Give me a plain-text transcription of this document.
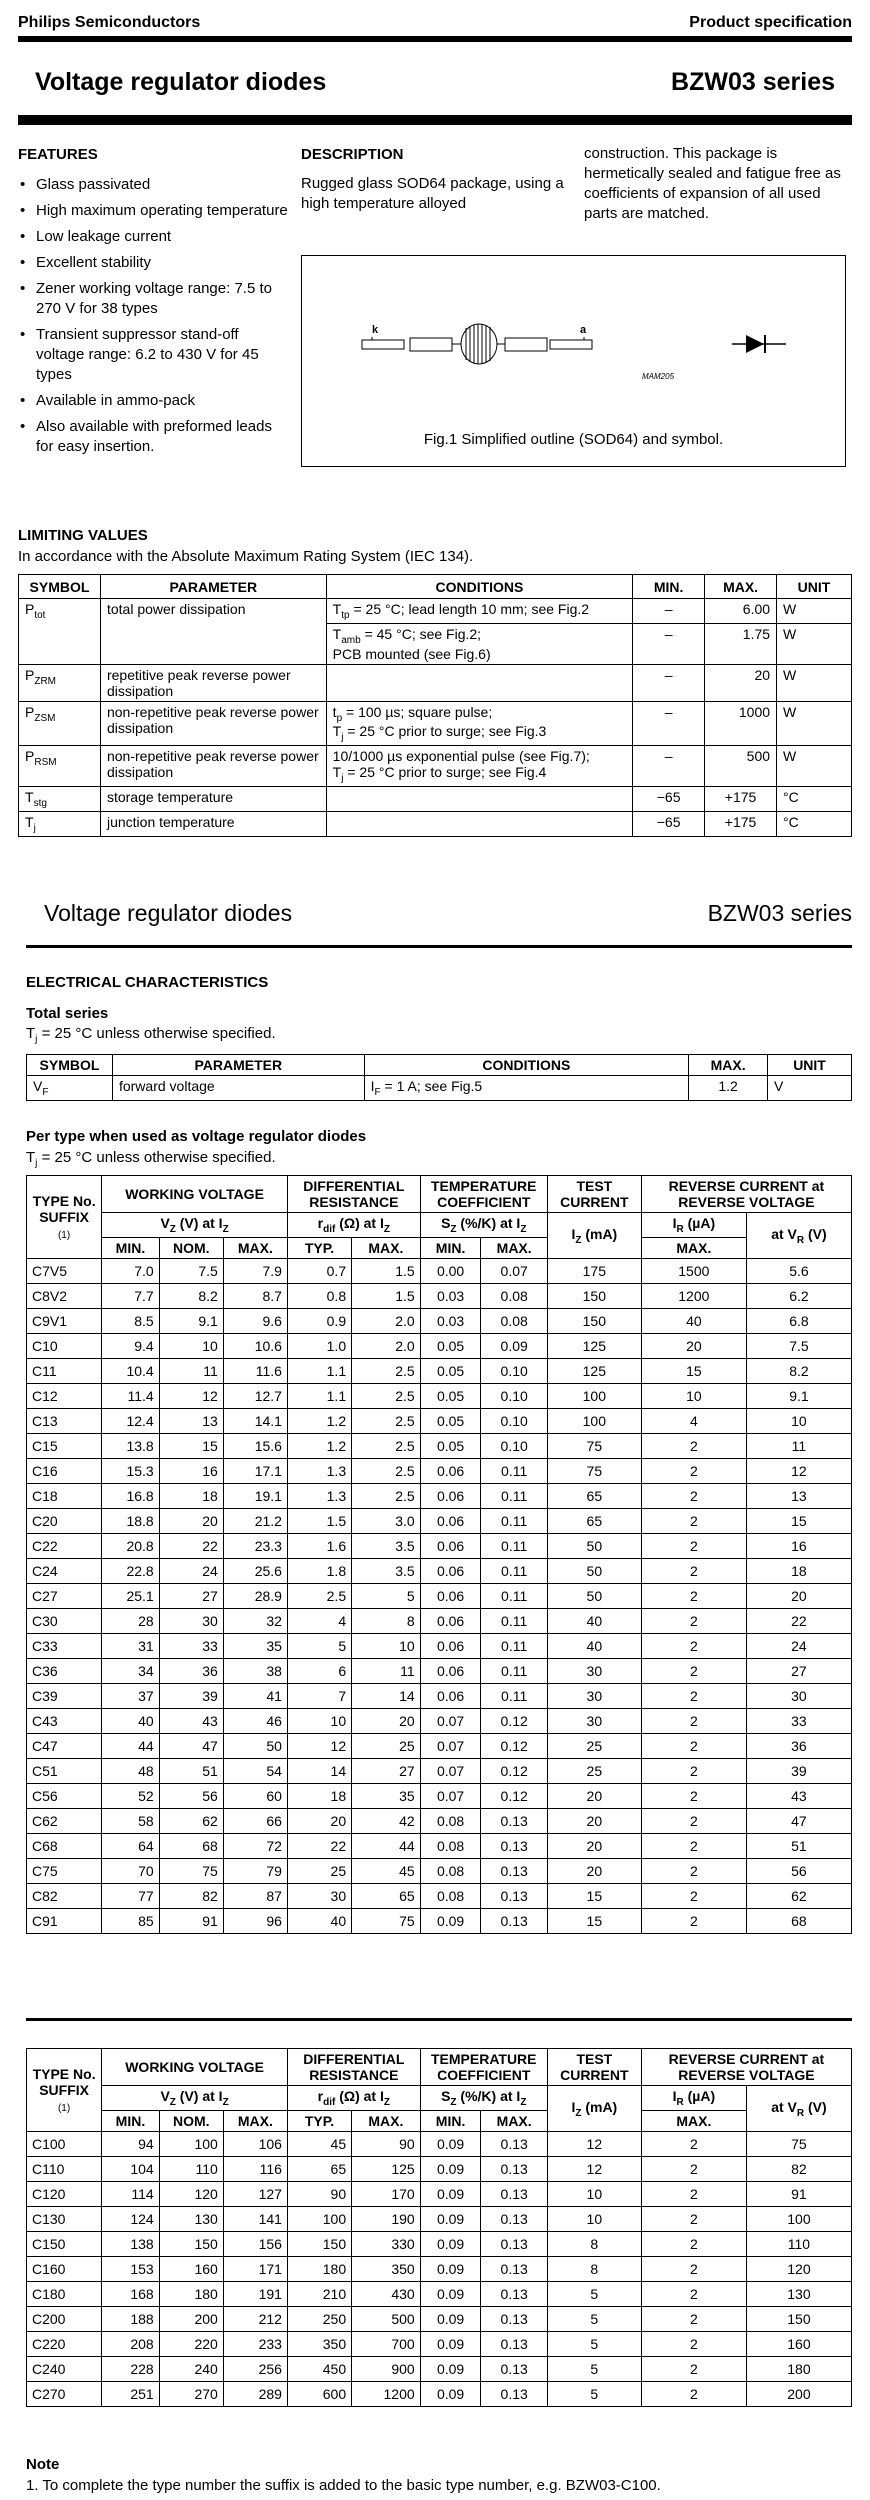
Philips Semiconductors	Product specification
Voltage regulator diodes	BZW03 series
FEATURES
• Glass passivated
• High maximum operating temperature
• Low leakage current
• Excellent stability
• Zener working voltage range: 7.5 to 270 V for 38 types
• Transient suppressor stand-off voltage range: 6.2 to 430 V for 45 types
• Available in ammo-pack
• Also available with preformed leads for easy insertion.
DESCRIPTION
Rugged glass SOD64 package, using a high temperature alloyed
construction. This package is hermetically sealed and fatigue free as coefficients of expansion of all used parts are matched.
k	a
MAM205
Fig.1 Simplified outline (SOD64) and symbol.
LIMITING VALUES
In accordance with the Absolute Maximum Rating System (IEC 134).
SYMBOL	PARAMETER	CONDITIONS	MIN.	MAX.	UNIT
$P_{tot}$	total power dissipation	$T_{tp} = 25$ °C; lead length 10 mm; see Fig.2	–	6.00	W
		$T_{amb} = 45$ °C; see Fig.2;
PCB mounted (see Fig.6)	–	1.75	W
$P_{ZRM}$	repetitive peak reverse power dissipation		–	20	W
$P_{ZSM}$	non-repetitive peak reverse power dissipation	$t_p = 100$ µs; square pulse;
$T_j = 25$ °C prior to surge; see Fig.3	–	1000	W
$P_{RSM}$	non-repetitive peak reverse power dissipation	10/1000 µs exponential pulse (see Fig.7);
$T_j = 25$ °C prior to surge; see Fig.4	–	500	W
$T_{stg}$	storage temperature		−65	+175	°C
$T_j$	junction temperature		−65	+175	°C
Voltage regulator diodes	BZW03 series
ELECTRICAL CHARACTERISTICS
Total series
$T_j = 25$ °C unless otherwise specified.
SYMBOL	PARAMETER	CONDITIONS	MAX.	UNIT
$V_F$	forward voltage	$I_F = 1$ A; see Fig.5	1.2	V
Per type when used as voltage regulator diodes
$T_j = 25$ °C unless otherwise specified.
TYPE No. SUFFIX
(1)	WORKING VOLTAGE			DIFFERENTIAL RESISTANCE		TEMPERATURE COEFFICIENT		TEST CURRENT	REVERSE CURRENT at REVERSE VOLTAGE	
	$V_Z$ (V) at $I_Z$			$r_{dif}$ (Ω) at $I_Z$		$S_Z$ (%/K) at $I_Z$		$I_Z$ (mA)	$I_R$ (µA)	at $V_R$ (V)
	MIN.	NOM.	MAX.	TYP.	MAX.	MIN.	MAX.		MAX.	
C7V5	7.0	7.5	7.9	0.7	1.5	0.00	0.07	175	1500	5.6
C8V2	7.7	8.2	8.7	0.8	1.5	0.03	0.08	150	1200	6.2
C9V1	8.5	9.1	9.6	0.9	2.0	0.03	0.08	150	40	6.8
C10	9.4	10	10.6	1.0	2.0	0.05	0.09	125	20	7.5
C11	10.4	11	11.6	1.1	2.5	0.05	0.10	125	15	8.2
C12	11.4	12	12.7	1.1	2.5	0.05	0.10	100	10	9.1
C13	12.4	13	14.1	1.2	2.5	0.05	0.10	100	4	10
C15	13.8	15	15.6	1.2	2.5	0.05	0.10	75	2	11
C16	15.3	16	17.1	1.3	2.5	0.06	0.11	75	2	12
C18	16.8	18	19.1	1.3	2.5	0.06	0.11	65	2	13
C20	18.8	20	21.2	1.5	3.0	0.06	0.11	65	2	15
C22	20.8	22	23.3	1.6	3.5	0.06	0.11	50	2	16
C24	22.8	24	25.6	1.8	3.5	0.06	0.11	50	2	18
C27	25.1	27	28.9	2.5	5	0.06	0.11	50	2	20
C30	28	30	32	4	8	0.06	0.11	40	2	22
C33	31	33	35	5	10	0.06	0.11	40	2	24
C36	34	36	38	6	11	0.06	0.11	30	2	27
C39	37	39	41	7	14	0.06	0.11	30	2	30
C43	40	43	46	10	20	0.07	0.12	30	2	33
C47	44	47	50	12	25	0.07	0.12	25	2	36
C51	48	51	54	14	27	0.07	0.12	25	2	39
C56	52	56	60	18	35	0.07	0.12	20	2	43
C62	58	62	66	20	42	0.08	0.13	20	2	47
C68	64	68	72	22	44	0.08	0.13	20	2	51
C75	70	75	79	25	45	0.08	0.13	20	2	56
C82	77	82	87	30	65	0.08	0.13	15	2	62
C91	85	91	96	40	75	0.09	0.13	15	2	68
TYPE No. SUFFIX
(1)	WORKING VOLTAGE			DIFFERENTIAL RESISTANCE		TEMPERATURE COEFFICIENT		TEST CURRENT	REVERSE CURRENT at REVERSE VOLTAGE	
	$V_Z$ (V) at $I_Z$			$r_{dif}$ (Ω) at $I_Z$		$S_Z$ (%/K) at $I_Z$		$I_Z$ (mA)	$I_R$ (µA)	at $V_R$ (V)
	MIN.	NOM.	MAX.	TYP.	MAX.	MIN.	MAX.		MAX.	
C100	94	100	106	45	90	0.09	0.13	12	2	75
C110	104	110	116	65	125	0.09	0.13	12	2	82
C120	114	120	127	90	170	0.09	0.13	10	2	91
C130	124	130	141	100	190	0.09	0.13	10	2	100
C150	138	150	156	150	330	0.09	0.13	8	2	110
C160	153	160	171	180	350	0.09	0.13	8	2	120
C180	168	180	191	210	430	0.09	0.13	5	2	130
C200	188	200	212	250	500	0.09	0.13	5	2	150
C220	208	220	233	350	700	0.09	0.13	5	2	160
C240	228	240	256	450	900	0.09	0.13	5	2	180
C270	251	270	289	600	1200	0.09	0.13	5	2	200
Note
1. To complete the type number the suffix is added to the basic type number, e.g. BZW03-C100.
